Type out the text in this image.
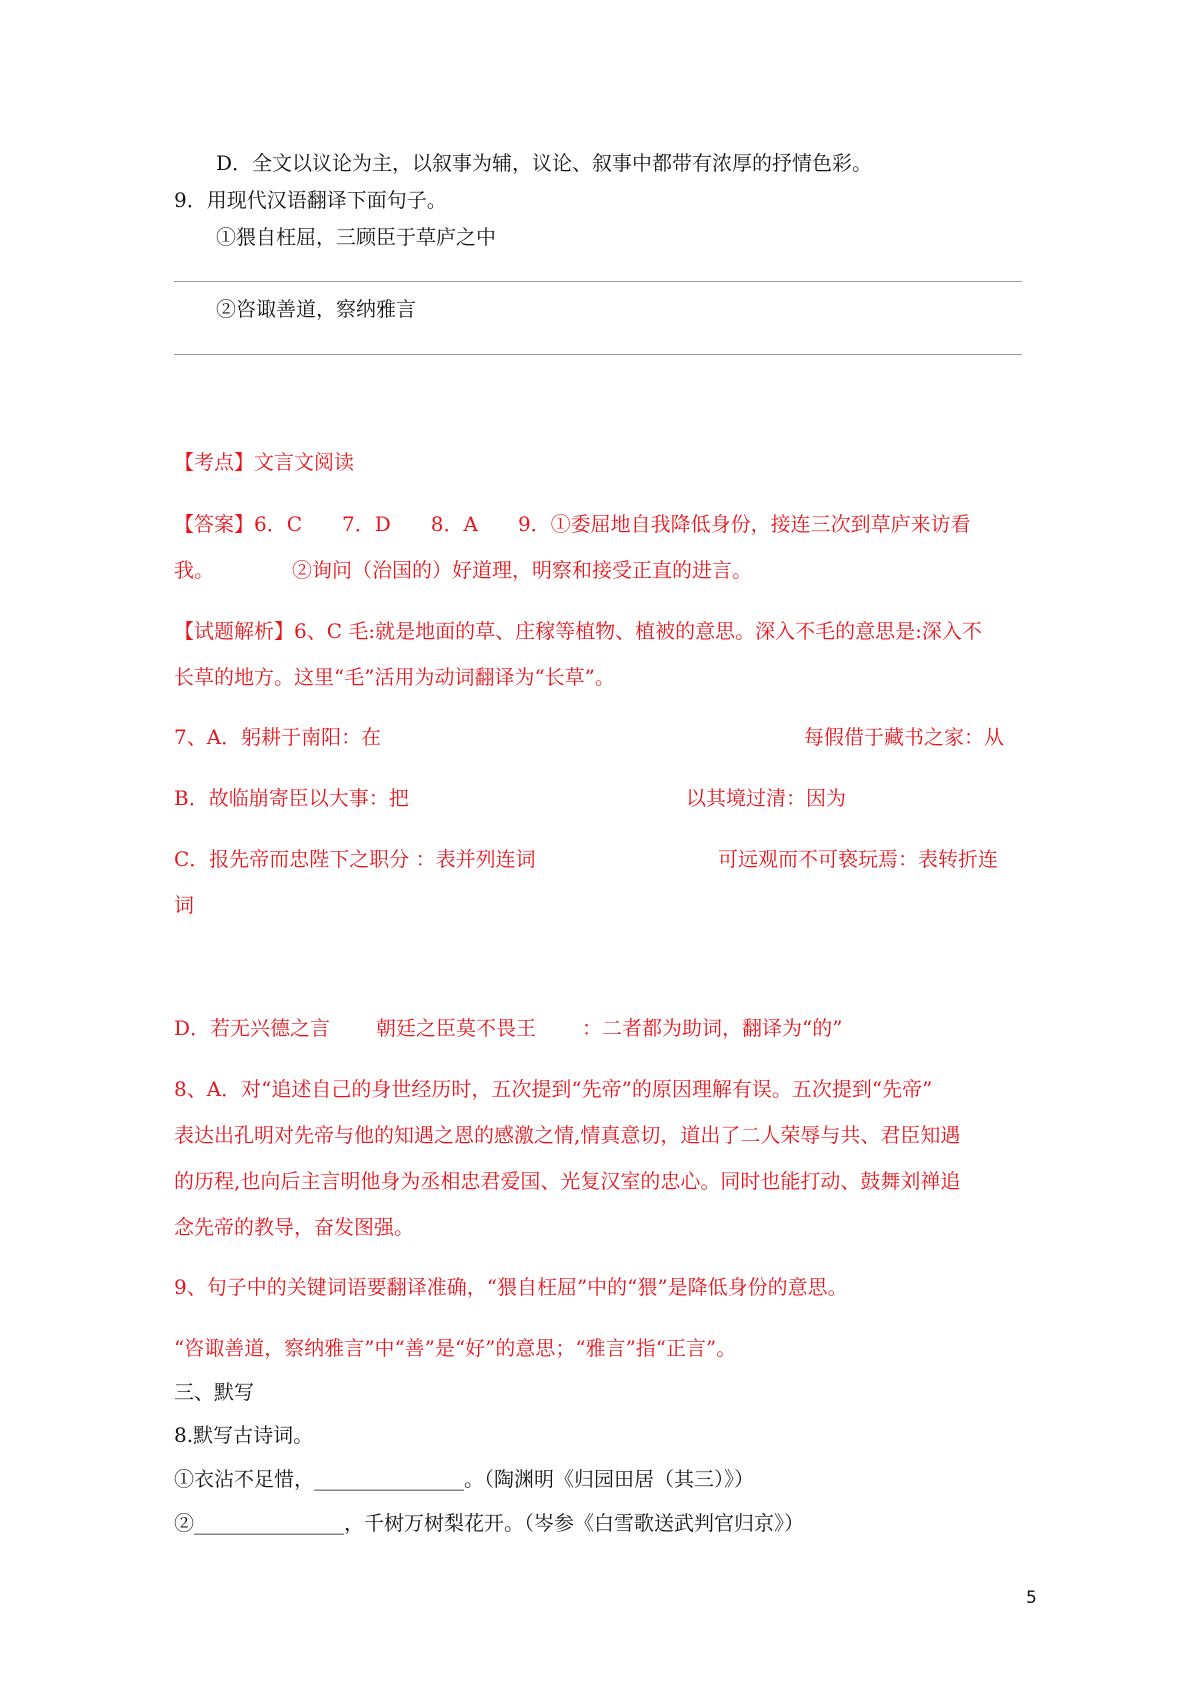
D．全文以议论为主，以叙事为辅，议论、叙事中都带有浓厚的抒情色彩。
9．用现代汉语翻译下面句子。
①猥自枉屈，三顾臣于草庐之中
②咨诹善道，察纳雅言
【考点】文言文阅读
【答案】6．C　　7．D　　8．A　　9．①委屈地自我降低身份，接连三次到草庐来访看
我。	②询问（治国的）好道理，明察和接受正直的进言。
【试题解析】6、C 毛:就是地面的草、庄稼等植物、植被的意思。深入不毛的意思是:深入不
长草的地方。这里“毛”活用为动词翻译为“长草”。
7、A．躬耕于南阳：在	每假借于藏书之家：从
B．故临崩寄臣以大事：把	以其境过清：因为
C．报先帝而忠陛下之职分 ：表并列连词	可远观而不可亵玩焉：表转折连
词
D．若无兴德之言 朝廷之臣莫不畏王 ：二者都为助词，翻译为“的”
8、A．对“追述自己的身世经历时，五次提到“先帝”的原因理解有误。五次提到“先帝”
表达出孔明对先帝与他的知遇之恩的感激之情,情真意切，道出了二人荣辱与共、君臣知遇
的历程,也向后主言明他身为丞相忠君爱国、光复汉室的忠心。同时也能打动、鼓舞刘禅追
念先帝的教导，奋发图强。
9、句子中的关键词语要翻译准确，“猥自枉屈”中的“猥”是降低身份的意思。
“咨诹善道，察纳雅言”中“善”是“好”的意思；“雅言”指“正言”。
三、默写
8.默写古诗词。
①衣沾不足惜，_______________。（陶渊明《归园田居（其三）》）
②_______________，千树万树梨花开。（岑参《白雪歌送武判官归京》）
5
